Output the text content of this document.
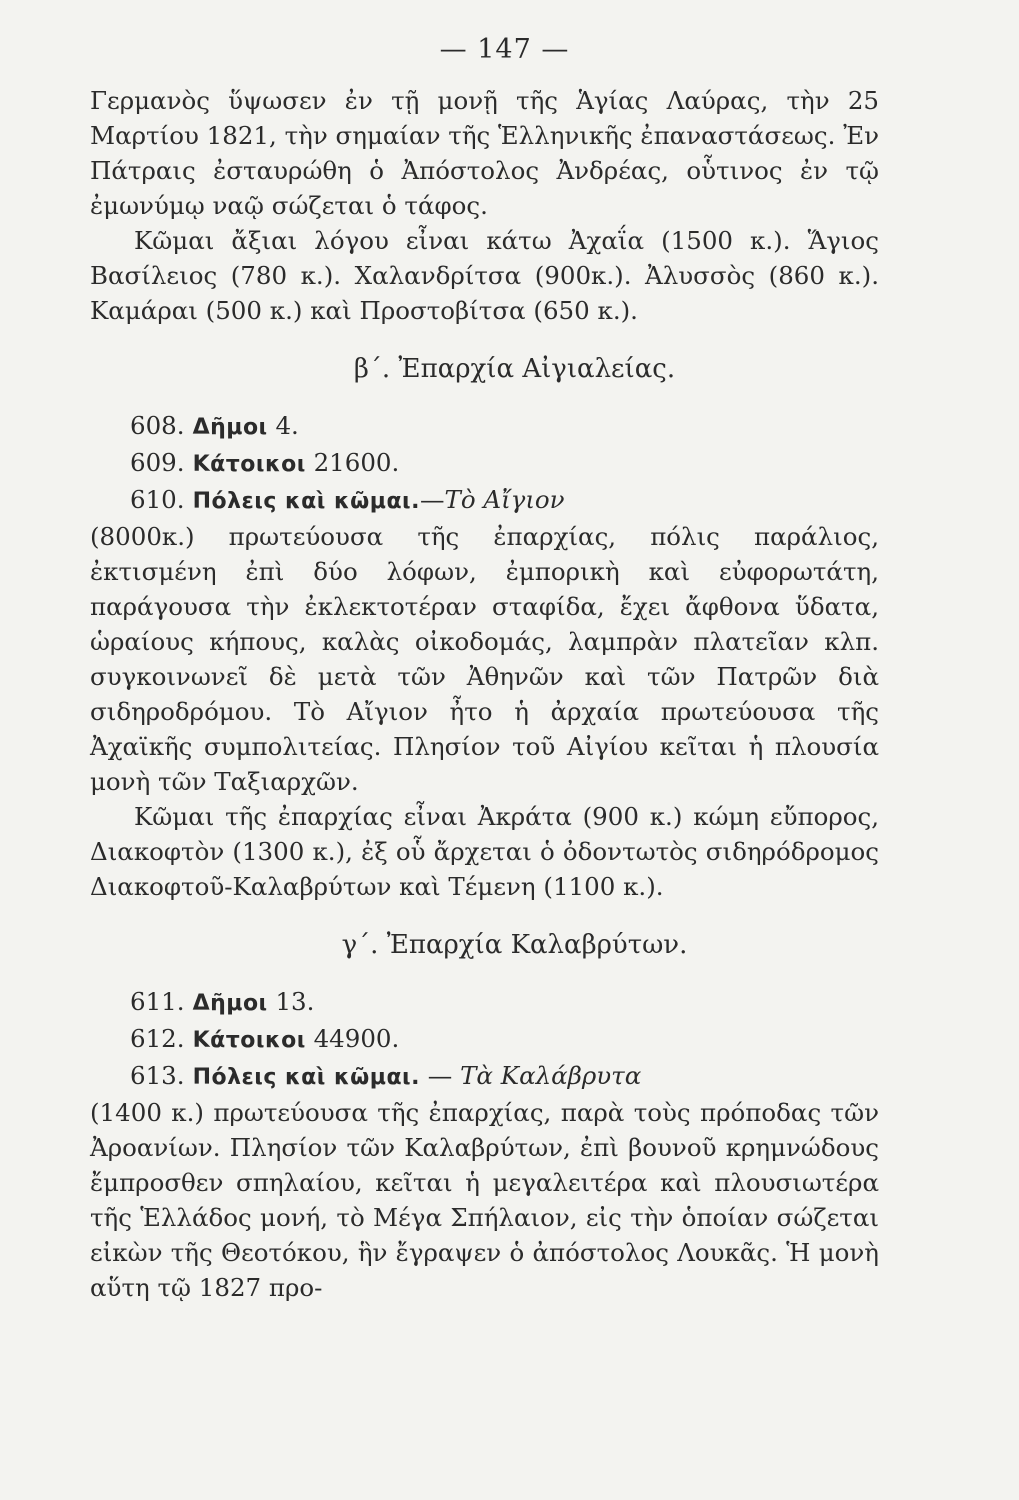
— 147 —

Γερμανὸς ὕψωσεν ἐν τῇ μονῇ τῆς Ἁγίας Λαύρας, τὴν 25 Μαρτίου 1821, τὴν σημαίαν τῆς Ἑλληνικῆς ἐπαναστάσεως. Ἐν Πάτραις ἐσταυρώθη ὁ Ἀπόστολος Ἀνδρέας, οὗτινος ἐν τῷ ἐμωνύμῳ ναῷ σώζεται ὁ τάφος.

Κῶμαι ἄξιαι λόγου εἶναι κάτω Ἀχαΐα (1500 κ.). Ἅγιος Βασίλειος (780 κ.). Χαλανδρίτσα (900κ.). Ἀλυσσὸς (860 κ.). Καμάραι (500 κ.) καὶ Προστοβίτσα (650 κ.).

β΄. Ἐπαρχία Αἰγιαλείας.
608. Δῆμοι 4.
609. Κάτοικοι 21600.
610. Πόλεις καὶ κῶμαι.—Τὸ Αἴγιον

(8000κ.) πρωτεύουσα τῆς ἐπαρχίας, πόλις παράλιος, ἐκτισμένη ἐπὶ δύο λόφων, ἐμπορικὴ καὶ εὐφορωτάτη, παράγουσα τὴν ἐκλεκτοτέραν σταφίδα, ἔχει ἄφθονα ὕδατα, ὡραίους κήπους, καλὰς οἰκοδομάς, λαμπρὰν πλατεῖαν κλπ. συγκοινωνεῖ δὲ μετὰ τῶν Ἀθηνῶν καὶ τῶν Πατρῶν διὰ σιδηροδρόμου. Τὸ Αἴγιον ἦτο ἡ ἀρχαία πρωτεύουσα τῆς Ἀχαϊκῆς συμπολιτείας. Πλησίον τοῦ Αἰγίου κεῖται ἡ πλουσία μονὴ τῶν Ταξιαρχῶν.

Κῶμαι τῆς ἐπαρχίας εἶναι Ἀκράτα (900 κ.) κώμη εὔπορος, Διακοφτὸν (1300 κ.), ἐξ οὗ ἄρχεται ὁ ὀδοντωτὸς σιδηρόδρομος Διακοφτοῦ-Καλαβρύτων καὶ Τέμενη (1100 κ.).

γ΄. Ἐπαρχία Καλαβρύτων.
611. Δῆμοι 13.
612. Κάτοικοι 44900.
613. Πόλεις καὶ κῶμαι. — Τὰ Καλάβρυτα

(1400 κ.) πρωτεύουσα τῆς ἐπαρχίας, παρὰ τοὺς πρόποδας τῶν Ἀροανίων. Πλησίον τῶν Καλαβρύτων, ἐπὶ βουνοῦ κρημνώδους ἔμπροσθεν σπηλαίου, κεῖται ἡ μεγαλειτέρα καὶ πλουσιωτέρα τῆς Ἑλλάδος μονή, τὸ Μέγα Σπήλαιον, εἰς τὴν ὁποίαν σώζεται εἰκὼν τῆς Θεοτόκου, ἣν ἔγραψεν ὁ ἀπόστολος Λουκᾶς. Ἡ μονὴ αὕτη τῷ 1827 προ-
